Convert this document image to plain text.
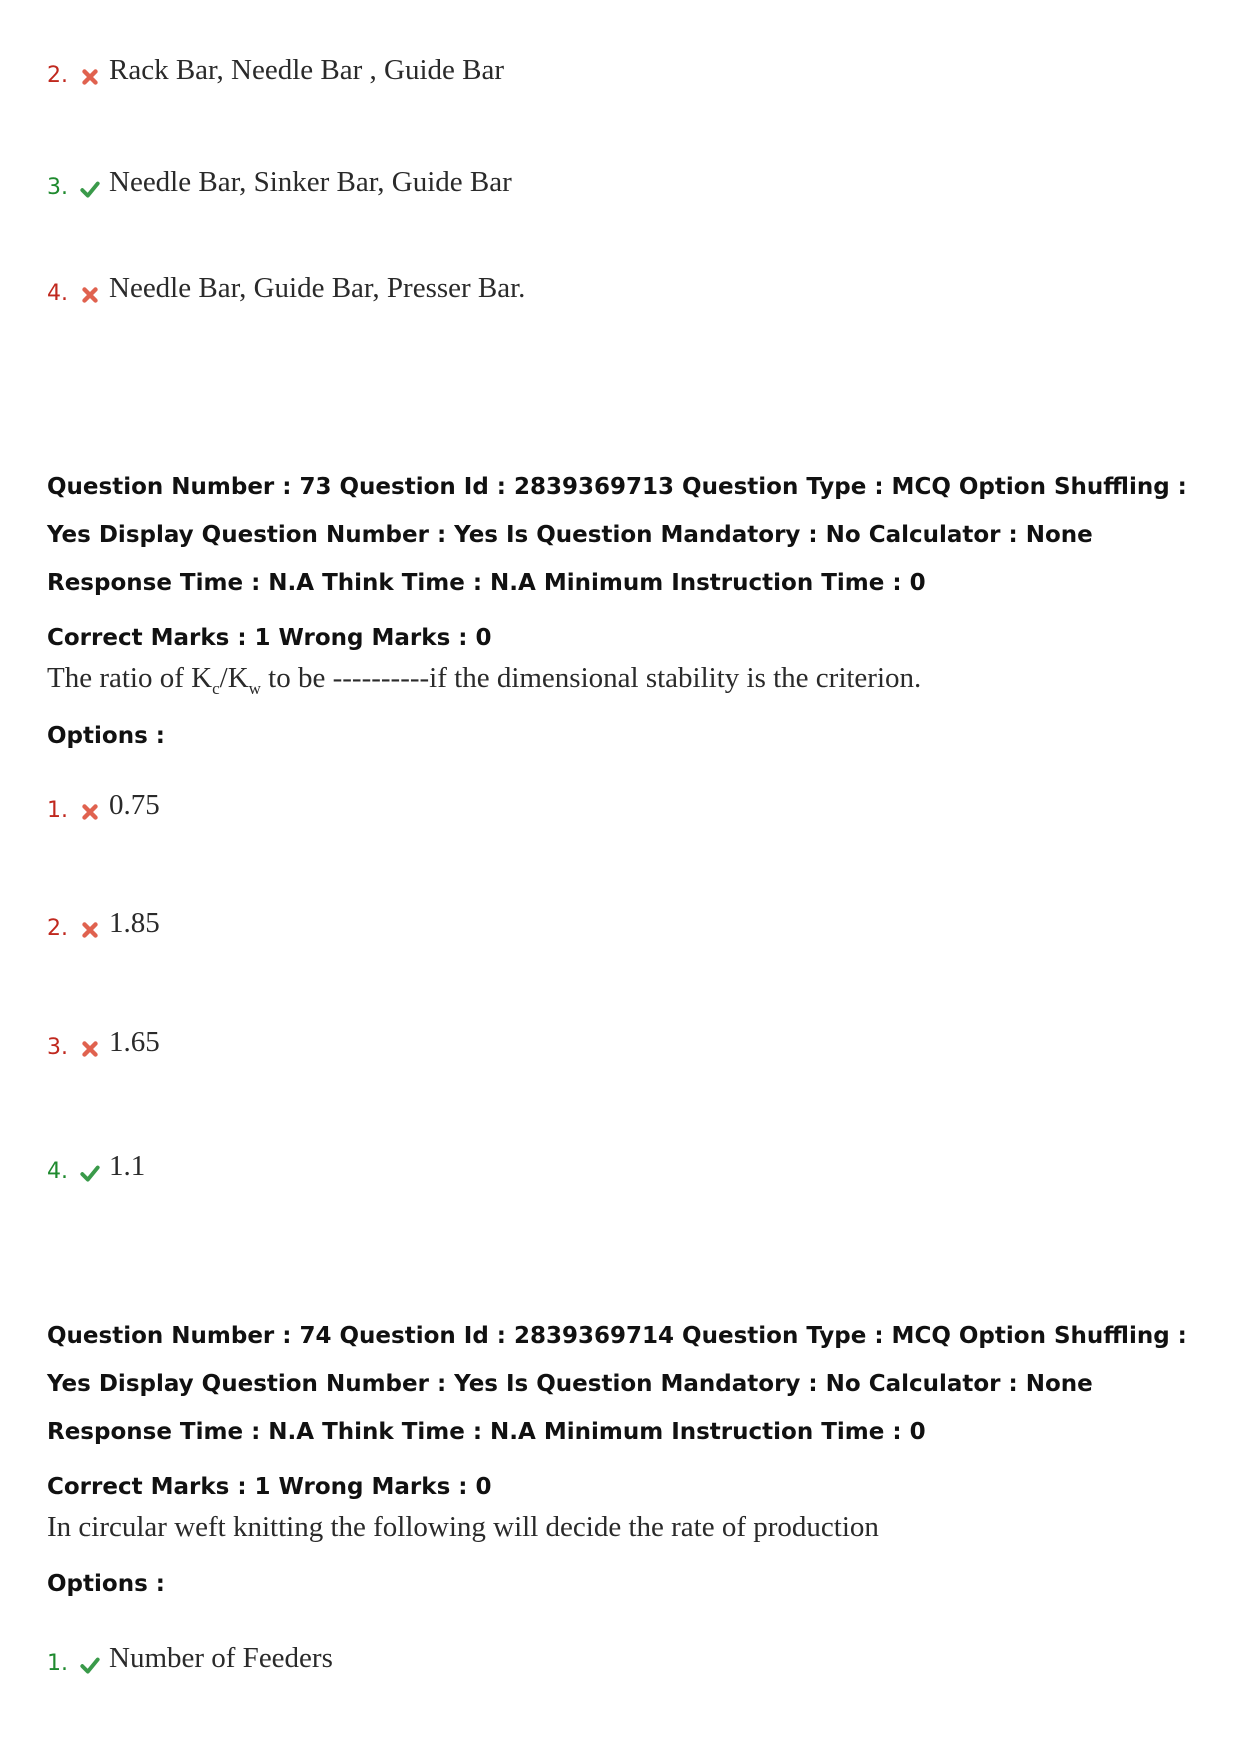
2. Rack Bar, Needle Bar , Guide Bar
3. Needle Bar, Sinker Bar, Guide Bar
4. Needle Bar, Guide Bar, Presser Bar.
Question Number : 73 Question Id : 2839369713 Question Type : MCQ Option Shuffling : Yes Display Question Number : Yes Is Question Mandatory : No Calculator : None Response Time : N.A Think Time : N.A Minimum Instruction Time : 0
Correct Marks : 1 Wrong Marks : 0
The ratio of $K_c/K_w$ to be ----------if the dimensional stability is the criterion.
Options :
1. 0.75
2. 1.85
3. 1.65
4. 1.1
Question Number : 74 Question Id : 2839369714 Question Type : MCQ Option Shuffling : Yes Display Question Number : Yes Is Question Mandatory : No Calculator : None Response Time : N.A Think Time : N.A Minimum Instruction Time : 0
Correct Marks : 1 Wrong Marks : 0
In circular weft knitting the following will decide the rate of production
Options :
1. Number of Feeders
